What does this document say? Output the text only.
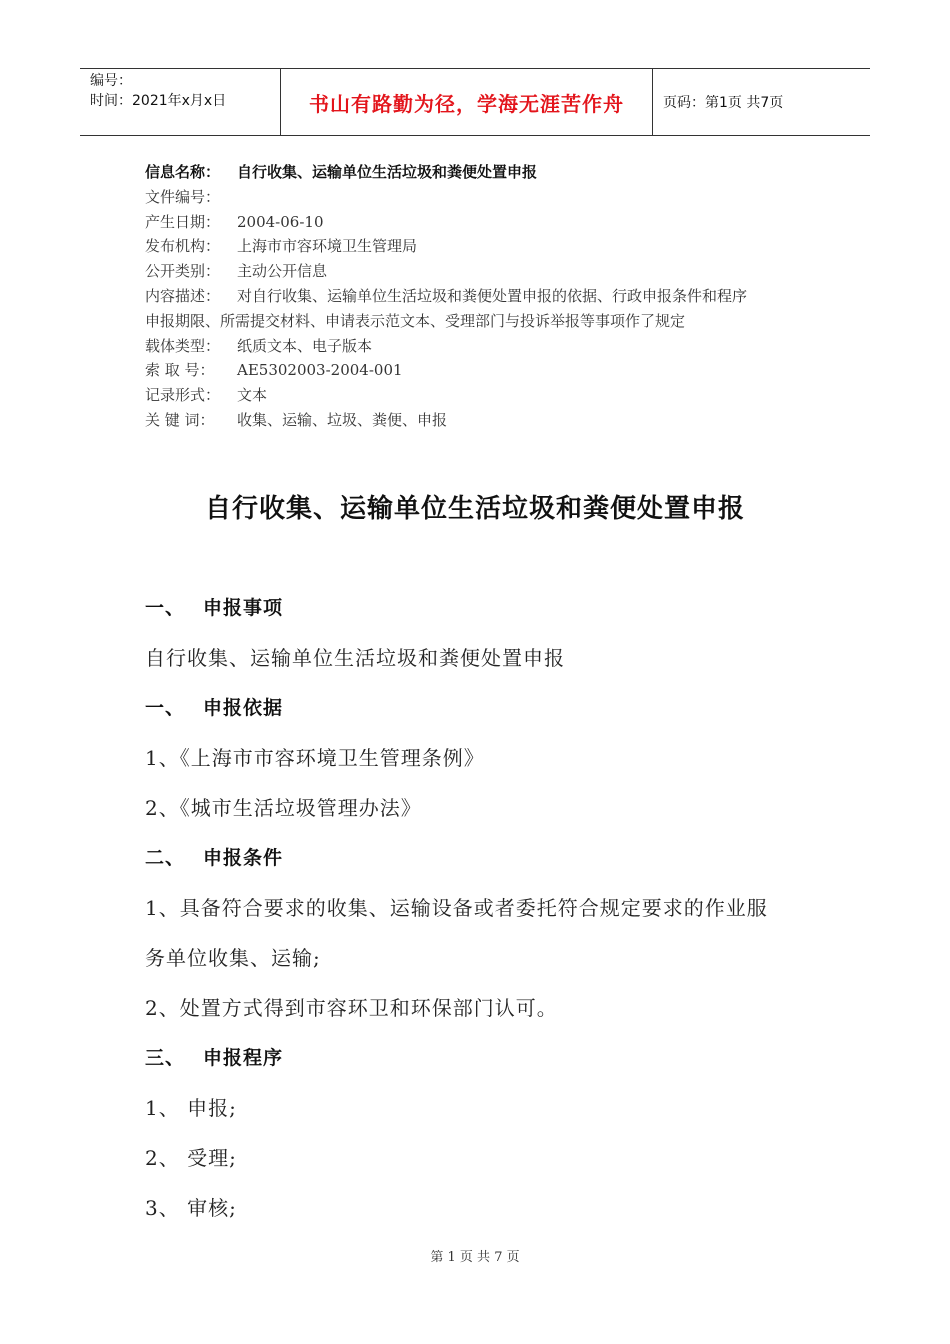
编号：
时间：2021年x月x日	书山有路勤为径，学海无涯苦作舟	页码：第1页 共7页
信息名称： 自行收集、运输单位生活垃圾和粪便处置申报
文件编号：
产生日期： 2004-06-10
发布机构： 上海市市容环境卫生管理局
公开类别： 主动公开信息
内容描述： 对自行收集、运输单位生活垃圾和粪便处置申报的依据、行政申报条件和程序
申报期限、所需提交材料、申请表示范文本、受理部门与投诉举报等事项作了规定
载体类型： 纸质文本、电子版本
索 取 号： AE5302003-2004-001
记录形式： 文本
关 键 词： 收集、运输、垃圾、粪便、申报
自行收集、运输单位生活垃圾和粪便处置申报
一、 申报事项
自行收集、运输单位生活垃圾和粪便处置申报
一、 申报依据
1、《上海市市容环境卫生管理条例》
2、《城市生活垃圾管理办法》
二、 申报条件
1、具备符合要求的收集、运输设备或者委托符合规定要求的作业服
务单位收集、运输;
2、处置方式得到市容环卫和环保部门认可。
三、 申报程序
1、 申报;
2、 受理;
3、 审核;
第 1 页 共 7 页
